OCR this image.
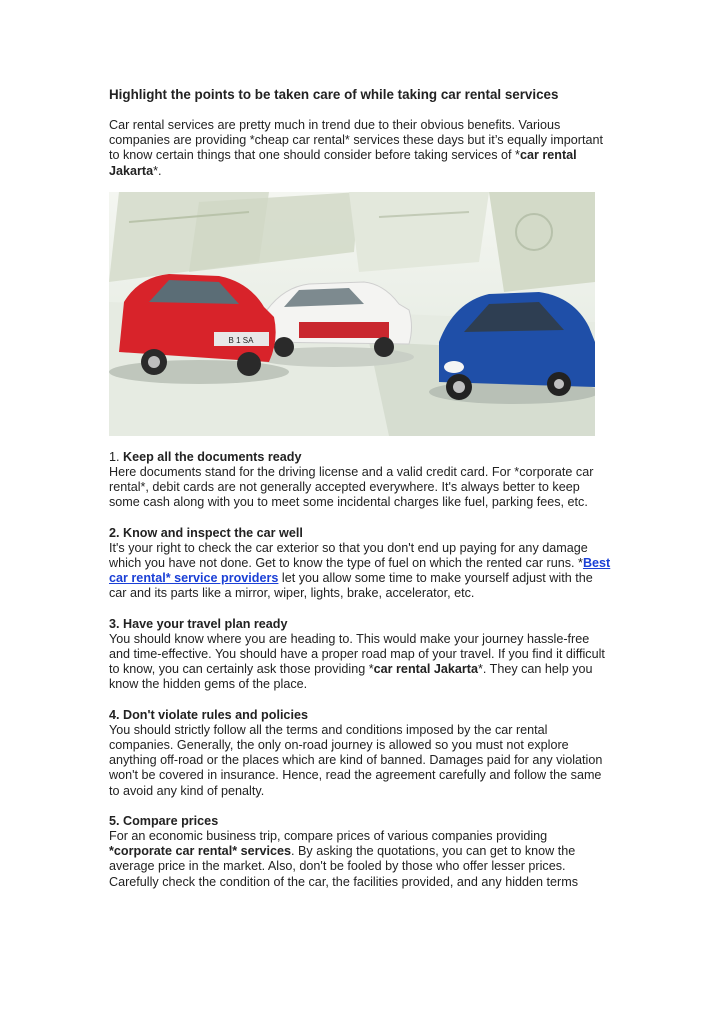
Highlight the points to be taken care of while taking car rental services

Car rental services are pretty much in trend due to their obvious benefits. Various companies are providing *cheap car rental* services these days but it’s equally important to know certain things that one should consider before taking services of *car rental Jakarta*.

B 1 SA

1. Keep all the documents ready
Here documents stand for the driving license and a valid credit card. For *corporate car rental*, debit cards are not generally accepted everywhere. It's always better to keep some cash along with you to meet some incidental charges like fuel, parking fees, etc.

2. Know and inspect the car well
It's your right to check the car exterior so that you don't end up paying for any damage which you have not done. Get to know the type of fuel on which the rented car runs. *Best car rental* service providers let you allow some time to make yourself adjust with the car and its parts like a mirror, wiper, lights, brake, accelerator, etc.

3. Have your travel plan ready
You should know where you are heading to. This would make your journey hassle-free and time-effective. You should have a proper road map of your travel. If you find it difficult to know, you can certainly ask those providing *car rental Jakarta*. They can help you know the hidden gems of the place.

4. Don't violate rules and policies
You should strictly follow all the terms and conditions imposed by the car rental companies. Generally, the only on-road journey is allowed so you must not explore anything off-road or the places which are kind of banned. Damages paid for any violation won't be covered in insurance. Hence, read the agreement carefully and follow the same to avoid any kind of penalty.

5. Compare prices
For an economic business trip, compare prices of various companies providing *corporate car rental* services. By asking the quotations, you can get to know the average price in the market. Also, don't be fooled by those who offer lesser prices. Carefully check the condition of the car, the facilities provided, and any hidden terms
